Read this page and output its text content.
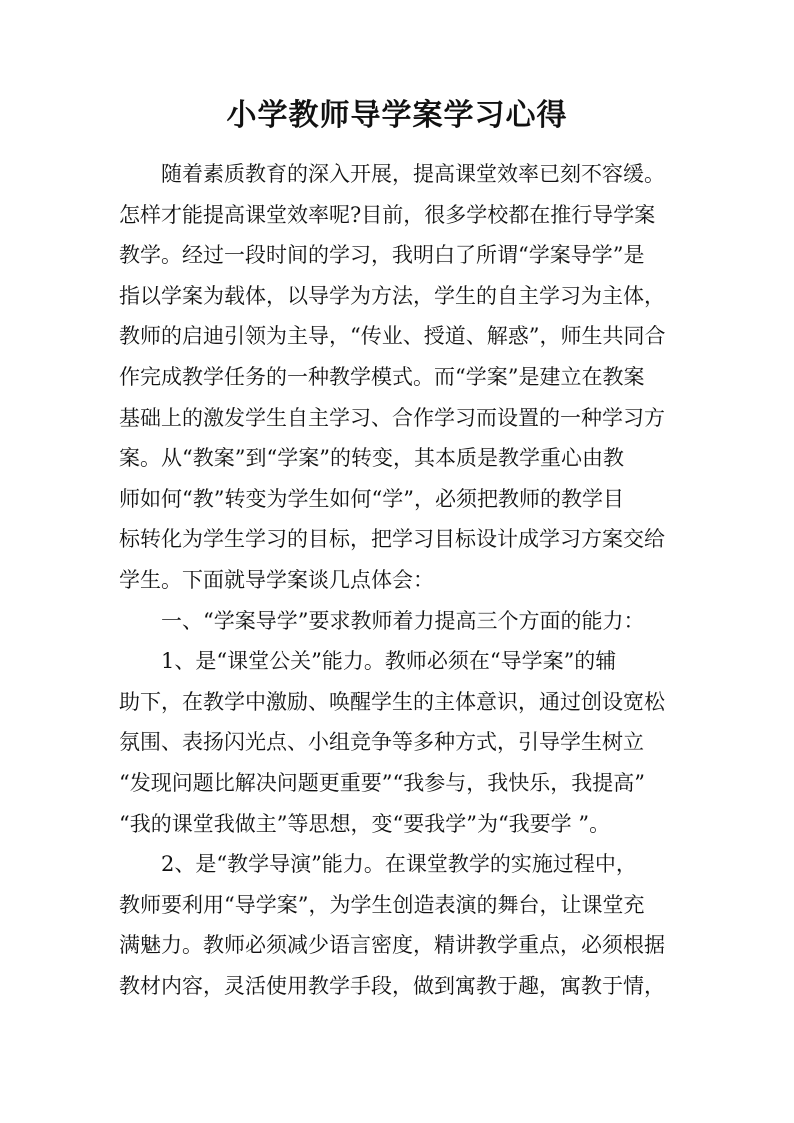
小学教师导学案学习心得
　　随着素质教育的深入开展，提高课堂效率已刻不容缓。
怎样才能提高课堂效率呢?目前，很多学校都在推行导学案
教学。经过一段时间的学习，我明白了所谓“学案导学”是
指以学案为载体，以导学为方法，学生的自主学习为主体，
教师的启迪引领为主导，“传业、授道、解惑”，师生共同合
作完成教学任务的一种教学模式。而“学案”是建立在教案
基础上的激发学生自主学习、合作学习而设置的一种学习方
案。从“教案”到“学案”的转变，其本质是教学重心由教
师如何“教”转变为学生如何“学”，必须把教师的教学目
标转化为学生学习的目标，把学习目标设计成学习方案交给
学生。下面就导学案谈几点体会：
　　一、“学案导学”要求教师着力提高三个方面的能力：
　　1、是“课堂公关”能力。教师必须在“导学案”的辅
助下，在教学中激励、唤醒学生的主体意识，通过创设宽松
氛围、表扬闪光点、小组竞争等多种方式，引导学生树立
“发现问题比解决问题更重要”“我参与，我快乐，我提高”
“我的课堂我做主”等思想，变“要我学”为“我要学 ”。
　　2、是“教学导演”能力。在课堂教学的实施过程中，
教师要利用“导学案”，为学生创造表演的舞台，让课堂充
满魅力。教师必须减少语言密度，精讲教学重点，必须根据
教材内容，灵活使用教学手段，做到寓教于趣，寓教于情，
